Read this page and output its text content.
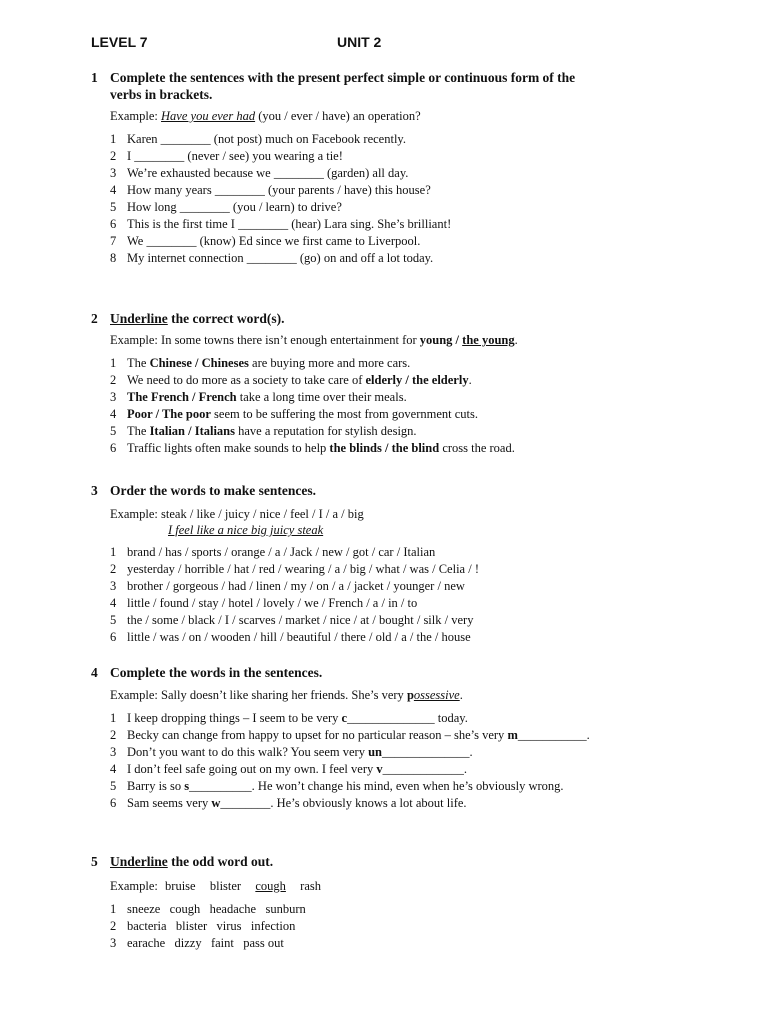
LEVEL 7	UNIT 2
1 Complete the sentences with the present perfect simple or continuous form of the
verbs in brackets.
Example: Have you ever had (you / ever / have) an operation?
1 Karen ________ (not post) much on Facebook recently.
2 I ________ (never / see) you wearing a tie!
3 We’re exhausted because we ________ (garden) all day.
4 How many years ________ (your parents / have) this house?
5 How long ________ (you / learn) to drive?
6 This is the first time I ________ (hear) Lara sing. She’s brilliant!
7 We ________ (know) Ed since we first came to Liverpool.
8 My internet connection ________ (go) on and off a lot today.
2 Underline the correct word(s).
Example: In some towns there isn’t enough entertainment for young / the young.
1 The Chinese / Chineses are buying more and more cars.
2 We need to do more as a society to take care of elderly / the elderly.
3 The French / French take a long time over their meals.
4 Poor / The poor seem to be suffering the most from government cuts.
5 The Italian / Italians have a reputation for stylish design.
6 Traffic lights often make sounds to help the blinds / the blind cross the road.
3 Order the words to make sentences.
Example: steak / like / juicy / nice / feel / I / a / big
I feel like a nice big juicy steak
1 brand / has / sports / orange / a / Jack / new / got / car / Italian
2 yesterday / horrible / hat / red / wearing / a / big / what / was / Celia / !
3 brother / gorgeous / had / linen / my / on / a / jacket / younger / new
4 little / found / stay / hotel / lovely / we / French / a / in / to
5 the / some / black / I / scarves / market / nice / at / bought / silk / very
6 little / was / on / wooden / hill / beautiful / there / old / a / the / house
4 Complete the words in the sentences.
Example: Sally doesn’t like sharing her friends. She’s very possessive.
1 I keep dropping things – I seem to be very c______________ today.
2 Becky can change from happy to upset for no particular reason – she’s very m___________.
3 Don’t you want to do this walk? You seem very un______________.
4 I don’t feel safe going out on my own. I feel very v_____________.
5 Barry is so s__________. He won’t change his mind, even when he’s obviously wrong.
6 Sam seems very w________. He’s obviously knows a lot about life.
5 Underline the odd word out.
Example: bruise blister cough rash
1 sneeze   cough   headache   sunburn
2 bacteria   blister   virus   infection
3 earache   dizzy   faint   pass out
